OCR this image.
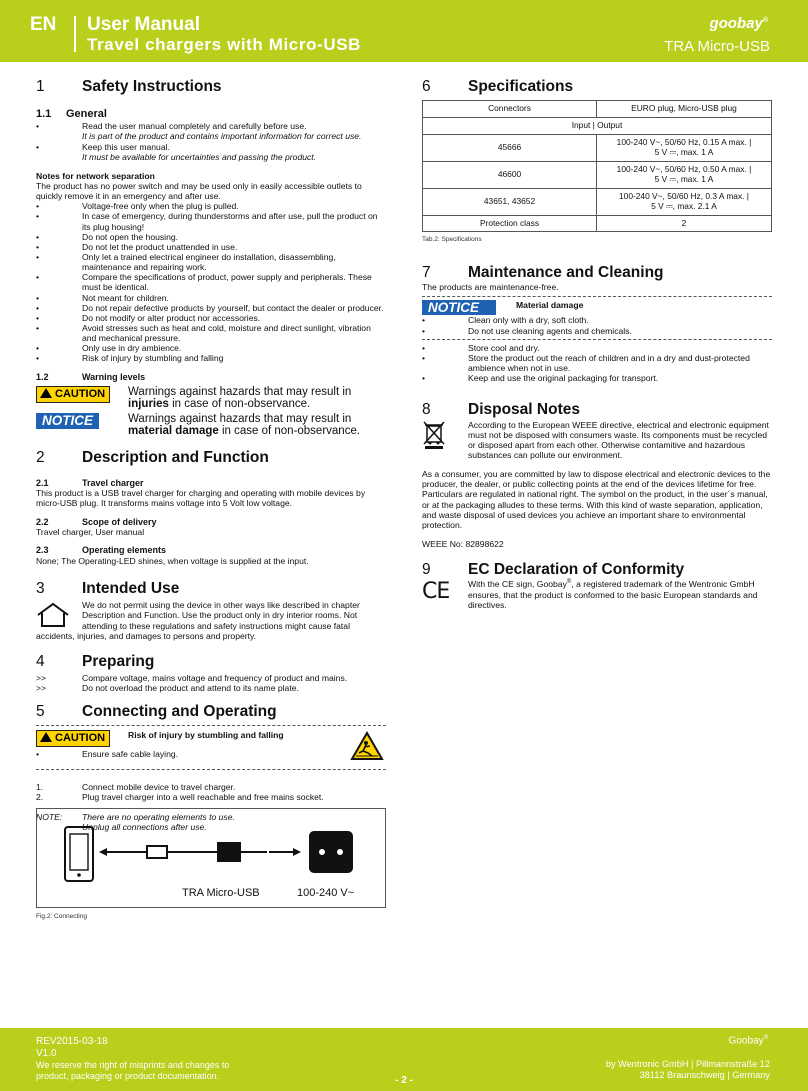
EN User Manual
Travel chargers with Micro-USB
goobay®
TRA Micro-USB
1	Safety Instructions
1.1	General
•	Read the user manual completely and carefully before use.
It is part of the product and contains important information for correct use.
•	Keep this user manual.
It must be available for uncertainties and passing the product.

Notes for network separation

The product has no power switch and may be used only in easily accessible outlets to quickly remove it in an emergency and after use.

•	Voltage-free only when the plug is pulled.
•	In case of emergency, during thunderstorms and after use, pull the product on its plug housing!
•	Do not open the housing.
•	Do not let the product unattended in use.
•	Only let a trained electrical engineer do installation, disassembling, maintenance and repairing work.
•	Compare the specifications of product, power supply and peripherals. These must be identical.
•	Not meant for children.
•	Do not repair defective products by yourself, but contact the dealer or producer.
•	Do not modify or alter product nor accessories.
•	Avoid stresses such as heat and cold, moisture and direct sunlight, vibration and mechanical pressure.
•	Only use in dry ambience.
•	Risk of injury by stumbling and falling
1.2	Warning levels
CAUTION	Warnings against hazards that may result in injuries in case of non-observance.
NOTICE	Warnings against hazards that may result in material damage in case of non-observance.
2	Description and Function
2.1	Travel charger

This product is a USB travel charger for charging and operating with mobile devices by micro-USB plug. It transforms mains voltage into 5 Volt low voltage.

2.2	Scope of delivery

Travel charger, User manual

2.3	Operating elements

None; The Operating-LED shines, when voltage is supplied at the input.

3	Intended Use

We do not permit using the device in other ways like described in chapter Description and Function. Use the product only in dry interior rooms. Not attending to these regulations and safety instructions might cause fatal

accidents, injuries, and damages to persons and property.

4	Preparing
>>	Compare voltage, mains voltage and frequency of product and mains.
>>	Do not overload the product and attend to its name plate.
5	Connecting and Operating
CAUTION	Risk of injury by stumbling and falling
•	Ensure safe cable laying.
1.	Connect mobile device to travel charger.
2.	Plug travel charger into a well reachable and free mains socket.
NOTE:	There are no operating elements to use.

Unplug all connections after use.

TRA Micro-USB	100-240 V~
Fig.2: Connecting
6	Specifications
Connectors	EURO plug, Micro-USB plug
Input | Output	
45666	100-240 V~, 50/60 Hz, 0.15 A max. |
5 V ⎓, max. 1 A

46600	100-240 V~, 50/60 Hz, 0.50 A max. |
5 V ⎓, max. 1 A

43651, 43652	100-240 V~, 50/60 Hz, 0.3 A max. |
5 V ⎓, max. 2.1 A

Protection class	2
Tab.2: Specifications
7	Maintenance and Cleaning

The products are maintenance-free.

NOTICE	Material damage
•	Clean only with a dry, soft cloth.
•	Do not use cleaning agents and chemicals.
•	Store cool and dry.
•	Store the product out the reach of children and in a dry and dust-protected ambience when not in use.
•	Keep and use the original packaging for transport.
8	Disposal Notes

According to the European WEEE directive, electrical and electronic equipment must not be disposed with consumers waste. Its components must be recycled or disposed apart from each other. Otherwise contamitive and hazardous substances can pollute our environment.

As a consumer, you are committed by law to dispose electrical and electronic devices to the producer, the dealer, or public collecting points at the end of the devices lifetime for free. Particulars are regulated in national right. The symbol on the product, in the user´s manual, or at the packaging alludes to these terms. With this kind of waste separation, application, and waste disposal of used devices you achieve an important share to environmental protection.

WEEE No: 82898622

9	EC Declaration of Conformity
CE	With the CE sign, Goobay®, a registered trademark of the Wentronic GmbH ensures, that the product is conformed to the basic European standards and directives.

REV2015-03-18
V1.0
We reserve the right of misprints and changes to
product, packaging or product documentation.	- 2 -
Goobay®
by Wentronic GmbH | Pillmannstraße 12
38112 Braunschweig | Germany
